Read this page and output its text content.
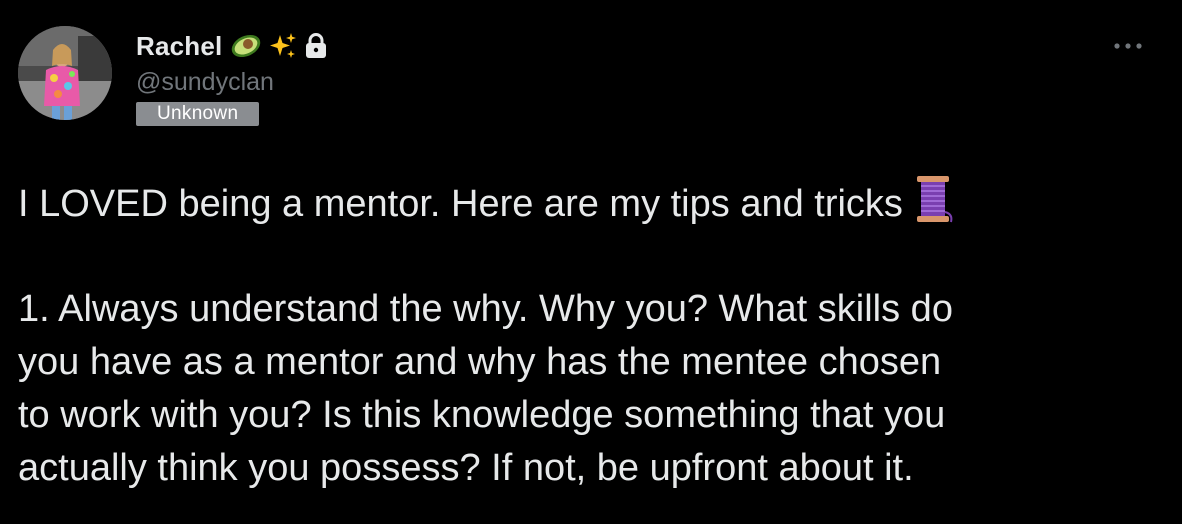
Rachel
@sundyclan
Unknown
I LOVED being a mentor. Here are my tips and tricks
1. Always understand the why. Why you? What skills do
you have as a mentor and why has the mentee chosen
to work with you? Is this knowledge something that you
actually think you possess? If not, be upfront about it.
